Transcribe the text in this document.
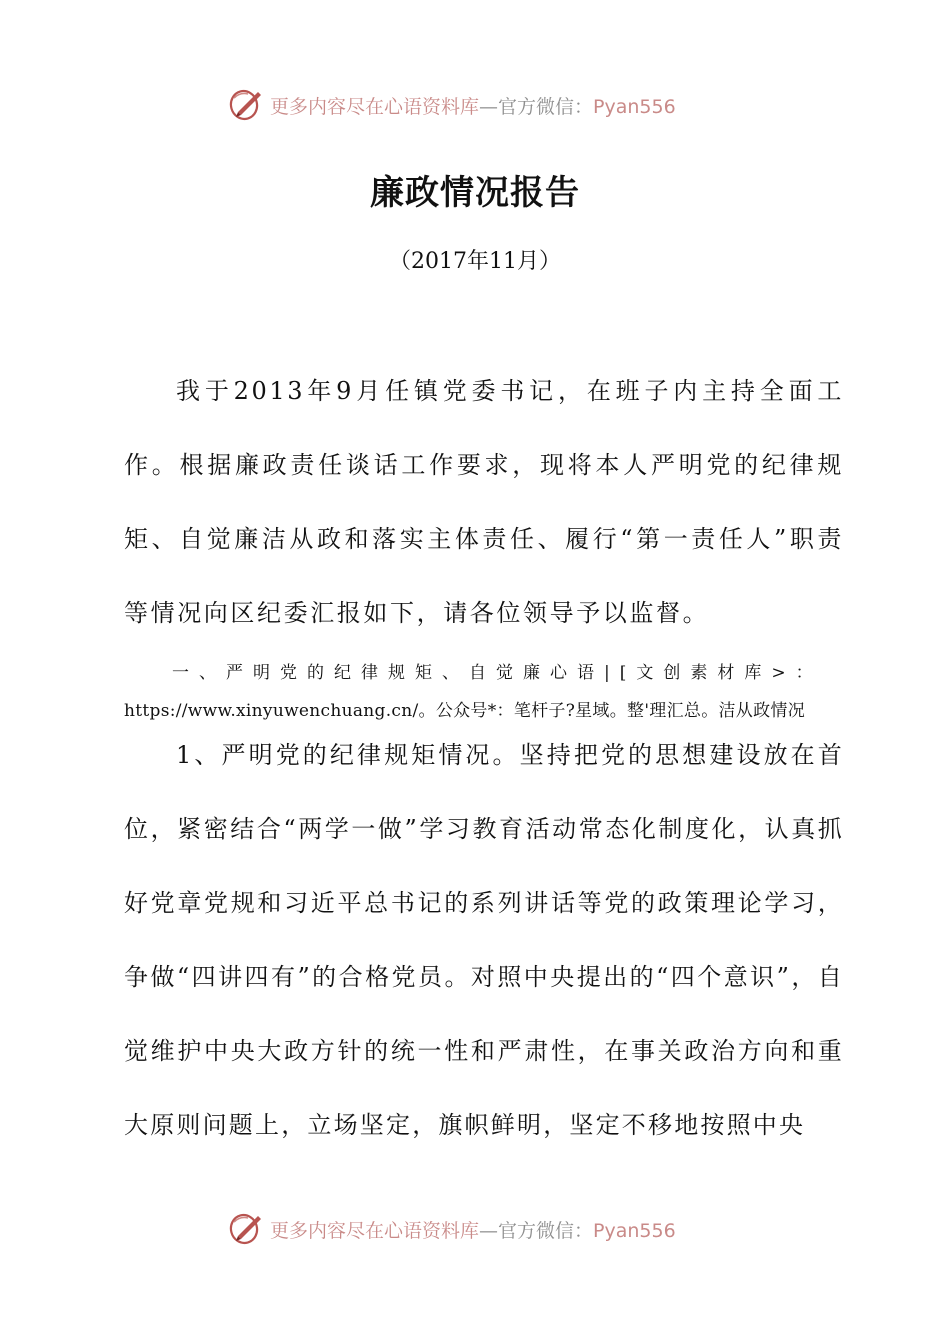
更多内容尽在心语资料库—官方微信：Pyan556
廉政情况报告
（2017年11月）

我于2013年9月任镇党委书记，在班子内主持全面工作。根据廉政责任谈话工作要求，现将本人严明党的纪律规矩、自觉廉洁从政和落实主体责任、履行“第一责任人”职责等情况向区纪委汇报如下，请各位领导予以监督。

一、严明党的纪律规矩、自觉廉心语|[文创素材库>： https://www.xinyuwenchuang.cn/。公众号*：笔杆子?星域。整'理汇总。洁从政情况

1、严明党的纪律规矩情况。坚持把党的思想建设放在首位，紧密结合“两学一做”学习教育活动常态化制度化，认真抓好党章党规和习近平总书记的系列讲话等党的政策理论学习，争做“四讲四有”的合格党员。对照中央提出的“四个意识”，自觉维护中央大政方针的统一性和严肃性，在事关政治方向和重大原则问题上，立场坚定，旗帜鲜明，坚定不移地按照中央

更多内容尽在心语资料库—官方微信：Pyan556
